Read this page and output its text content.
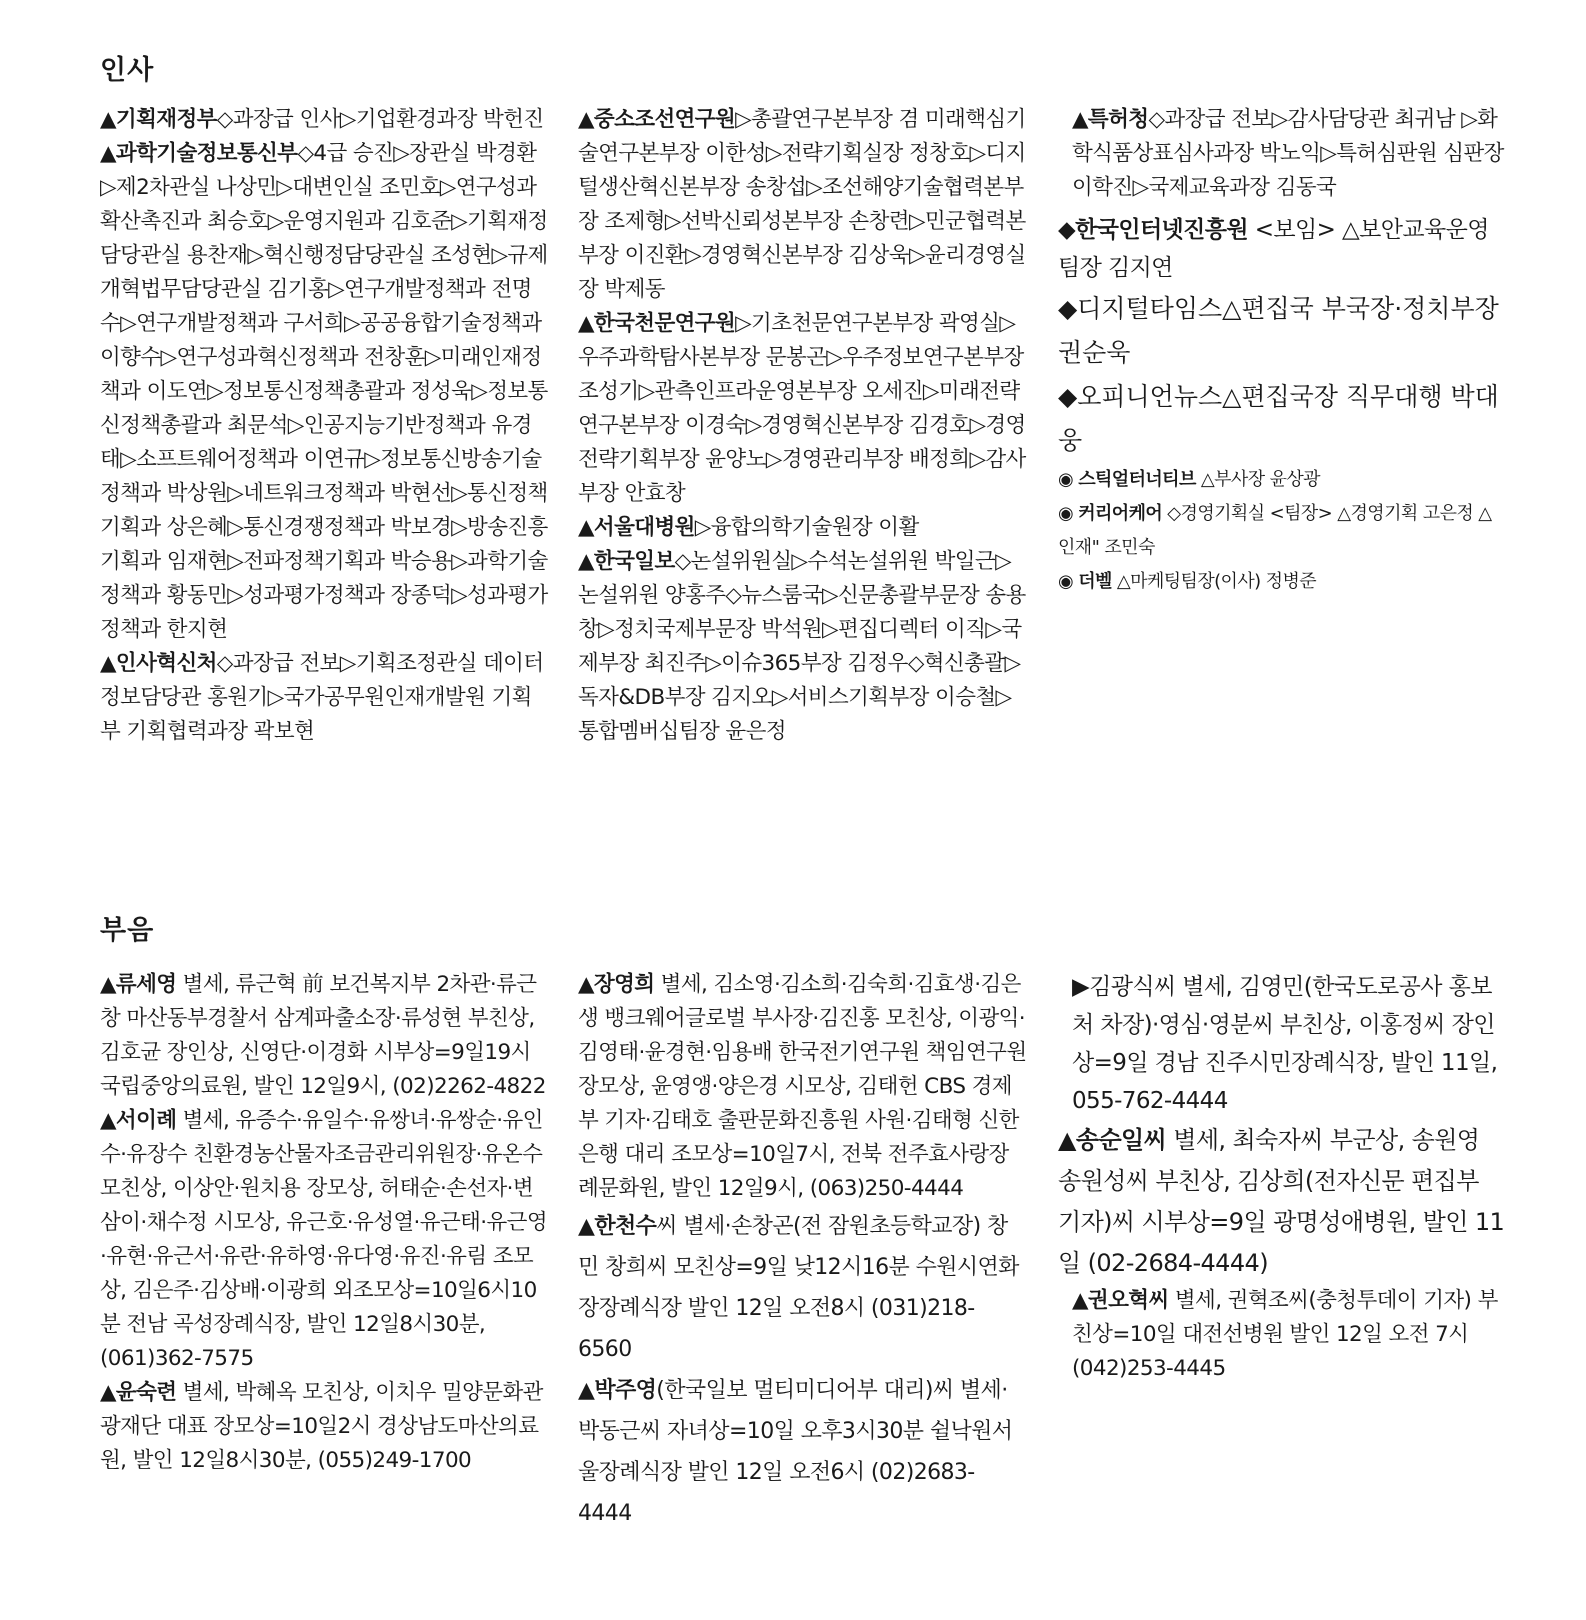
인사

▲기획재정부◇과장급 인사▷기업환경과장 박헌진

▲과학기술정보통신부◇4급 승진▷장관실 박경환▷제2차관실 나상민▷대변인실 조민호▷연구성과확산촉진과 최승호▷운영지원과 김호준▷기획재정담당관실 용찬재▷혁신행정담당관실 조성현▷규제개혁법무담당관실 김기홍▷연구개발정책과 전명수▷연구개발정책과 구서희▷공공융합기술정책과 이향수▷연구성과혁신정책과 전창훈▷미래인재정책과 이도연▷정보통신정책총괄과 정성욱▷정보통신정책총괄과 최문석▷인공지능기반정책과 유경태▷소프트웨어정책과 이연규▷정보통신방송기술정책과 박상원▷네트워크정책과 박현선▷통신정책기획과 상은혜▷통신경쟁정책과 박보경▷방송진흥기획과 임재현▷전파정책기획과 박승용▷과학기술정책과 황동민▷성과평가정책과 장종덕▷성과평가정책과 한지현

▲인사혁신처◇과장급 전보▷기획조정관실 데이터정보담당관 홍원기▷국가공무원인재개발원 기획부 기획협력과장 곽보현

▲중소조선연구원▷총괄연구본부장 겸 미래핵심기술연구본부장 이한성▷전략기획실장 정창호▷디지털생산혁신본부장 송창섭▷조선해양기술협력본부장 조제형▷선박신뢰성본부장 손창련▷민군협력본부장 이진환▷경영혁신본부장 김상욱▷윤리경영실장 박제동

▲한국천문연구원▷기초천문연구본부장 곽영실▷우주과학탐사본부장 문봉곤▷우주정보연구본부장 조성기▷관측인프라운영본부장 오세진▷미래전략연구본부장 이경숙▷경영혁신본부장 김경호▷경영전략기획부장 윤양노▷경영관리부장 배정희▷감사부장 안효창

▲서울대병원▷융합의학기술원장 이활

▲한국일보◇논설위원실▷수석논설위원 박일근▷논설위원 양홍주◇뉴스룸국▷신문총괄부문장 송용창▷정치국제부문장 박석원▷편집디렉터 이직▷국제부장 최진주▷이슈365부장 김정우◇혁신총괄▷독자&DB부장 김지오▷서비스기획부장 이승철▷통합멤버십팀장 윤은정

▲특허청◇과장급 전보▷감사담당관 최귀남 ▷화학식품상표심사과장 박노익▷특허심판원 심판장 이학진▷국제교육과장 김동국

◆한국인터넷진흥원 <보임> △보안교육운영팀장 김지연

◆디지털타임스△편집국 부국장·정치부장 권순욱

◆오피니언뉴스△편집국장 직무대행 박대웅

◉ 스틱얼터너티브 △부사장 윤상광

◉ 커리어케어 ◇경영기획실 <팀장> △경영기획 고은정 △인재" 조민숙

◉ 더벨 △마케팅팀장(이사) 정병준

부음

▲류세영 별세, 류근혁 前 보건복지부 2차관·류근창 마산동부경찰서 삼계파출소장·류성현 부친상, 김호균 장인상, 신영단·이경화 시부상=9일19시 국립중앙의료원, 발인 12일9시, (02)2262-4822

▲서이례 별세, 유증수·유일수·유쌍녀·유쌍순·유인수·유장수 친환경농산물자조금관리위원장·유온수 모친상, 이상안·원치용 장모상, 허태순·손선자·변삼이·채수정 시모상, 유근호·유성열·유근태·유근영·유현·유근서·유란·유하영·유다영·유진·유림 조모상, 김은주·김상배·이광희 외조모상=10일6시10분 전남 곡성장례식장, 발인 12일8시30분, (061)362-7575

▲윤숙련 별세, 박혜옥 모친상, 이치우 밀양문화관광재단 대표 장모상=10일2시 경상남도마산의료원, 발인 12일8시30분, (055)249-1700

▲장영희 별세, 김소영·김소희·김숙희·김효생·김은생 뱅크웨어글로벌 부사장·김진홍 모친상, 이광익·김영태·윤경현·임용배 한국전기연구원 책임연구원 장모상, 윤영앵·양은경 시모상, 김태헌 CBS 경제부 기자·김태호 출판문화진흥원 사원·김태형 신한은행 대리 조모상=10일7시, 전북 전주효사랑장례문화원, 발인 12일9시, (063)250-4444

▲한천수씨 별세·손창곤(전 잠원초등학교장) 창민 창희씨 모친상=9일 낮12시16분 수원시연화장장례식장 발인 12일 오전8시 (031)218-6560

▲박주영(한국일보 멀티미디어부 대리)씨 별세·박동근씨 자녀상=10일 오후3시30분 쉴낙원서울장례식장 발인 12일 오전6시 (02)2683-4444

▶김광식씨 별세, 김영민(한국도로공사 홍보처 차장)·영심·영분씨 부친상, 이홍정씨 장인상=9일 경남 진주시민장례식장, 발인 11일, 055-762-4444

▲송순일씨 별세, 최숙자씨 부군상, 송원영 송원성씨 부친상, 김상희(전자신문 편집부 기자)씨 시부상=9일 광명성애병원, 발인 11일 (02-2684-4444)

▲권오혁씨 별세, 권혁조씨(충청투데이 기자) 부친상=10일 대전선병원 발인 12일 오전 7시 (042)253-4445
